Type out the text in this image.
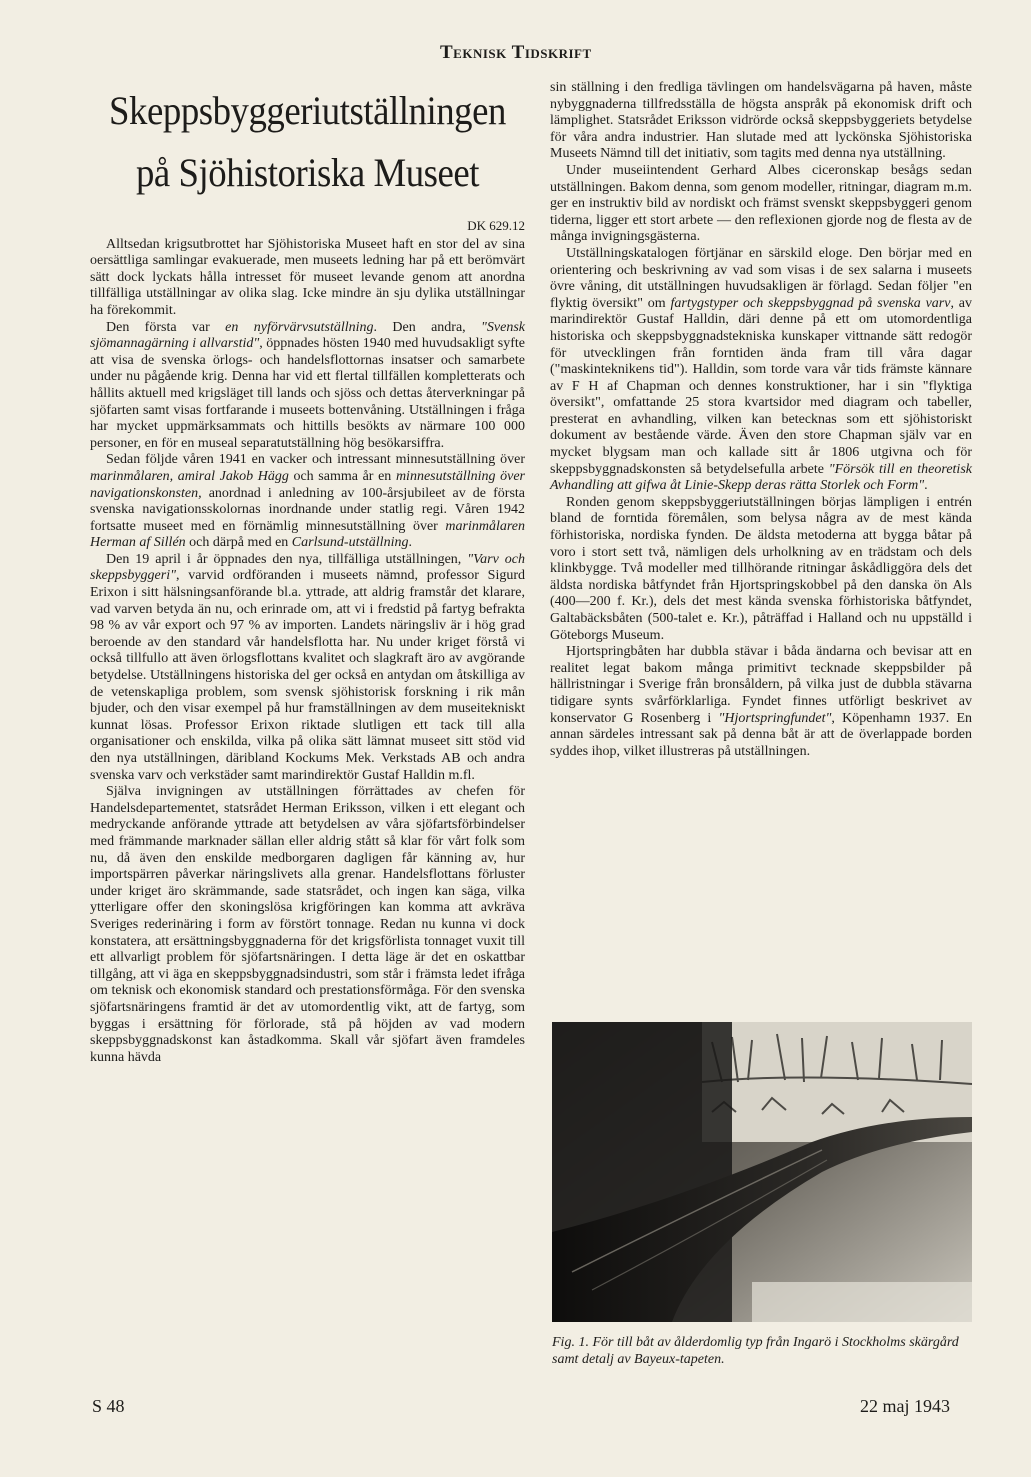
Teknisk Tidskrift
Skeppsbyggeriutställningen
på Sjöhistoriska Museet
DK 629.12

Alltsedan krigsutbrottet har Sjöhistoriska Museet haft en stor del av sina oersättliga samlingar evakuerade, men museets ledning har på ett berömvärt sätt dock lyckats hålla intresset för museet levande genom att anordna tillfälliga utställningar av olika slag. Icke mindre än sju dylika utställningar ha förekommit.

Den första var en nyförvärvsutställning. Den andra, "Svensk sjömannagärning i allvarstid", öppnades hösten 1940 med huvudsakligt syfte att visa de svenska örlogs- och handelsflottornas insatser och samarbete under nu pågående krig. Denna har vid ett flertal tillfällen kompletterats och hållits aktuell med krigsläget till lands och sjöss och dettas återverkningar på sjöfarten samt visas fortfarande i museets bottenvåning. Utställningen i fråga har mycket uppmärksammats och hittills besökts av närmare 100 000 personer, en för en museal separatutställning hög besökarsiffra.

Sedan följde våren 1941 en vacker och intressant minnesutställning över marinmålaren, amiral Jakob Hägg och samma år en minnesutställning över navigationskonsten, anordnad i anledning av 100-årsjubileet av de första svenska navigationsskolornas inordnande under statlig regi. Våren 1942 fortsatte museet med en förnämlig minnesutställning över marinmålaren Herman af Sillén och därpå med en Carlsund-utställning.

Den 19 april i år öppnades den nya, tillfälliga utställningen, "Varv och skeppsbyggeri", varvid ordföranden i museets nämnd, professor Sigurd Erixon i sitt hälsningsanförande bl.a. yttrade, att aldrig framstår det klarare, vad varven betyda än nu, och erinrade om, att vi i fredstid på fartyg befrakta 98 % av vår export och 97 % av importen. Landets näringsliv är i hög grad beroende av den standard vår handelsflotta har. Nu under kriget förstå vi också tillfullo att även örlogsflottans kvalitet och slagkraft äro av avgörande betydelse. Utställningens historiska del ger också en antydan om åtskilliga av de vetenskapliga problem, som svensk sjöhistorisk forskning i rik mån bjuder, och den visar exempel på hur framställningen av dem museitekniskt kunnat lösas. Professor Erixon riktade slutligen ett tack till alla organisationer och enskilda, vilka på olika sätt lämnat museet sitt stöd vid den nya utställningen, däribland Kockums Mek. Verkstads AB och andra svenska varv och verkstäder samt marindirektör Gustaf Halldin m.fl.

Själva invigningen av utställningen förrättades av chefen för Handelsdepartementet, statsrådet Herman Eriksson, vilken i ett elegant och medryckande anförande yttrade att betydelsen av våra sjöfartsförbindelser med främmande marknader sällan eller aldrig stått så klar för vårt folk som nu, då även den enskilde medborgaren dagligen får känning av, hur importspärren påverkar näringslivets alla grenar. Handelsflottans förluster under kriget äro skrämmande, sade statsrådet, och ingen kan säga, vilka ytterligare offer den skoningslösa krigföringen kan komma att avkräva Sveriges rederinäring i form av förstört tonnage. Redan nu kunna vi dock konstatera, att ersättningsbyggnaderna för det krigsförlista tonnaget vuxit till ett allvarligt problem för sjöfartsnäringen. I detta läge är det en oskattbar tillgång, att vi äga en skeppsbyggnadsindustri, som står i främsta ledet ifråga om teknisk och ekonomisk standard och prestationsförmåga. För den svenska sjöfartsnäringens framtid är det av utomordentlig vikt, att de fartyg, som byggas i ersättning för förlorade, stå på höjden av vad modern skeppsbyggnadskonst kan åstadkomma. Skall vår sjöfart även framdeles kunna hävda

sin ställning i den fredliga tävlingen om handelsvägarna på haven, måste nybyggnaderna tillfredsställa de högsta anspråk på ekonomisk drift och lämplighet. Statsrådet Eriksson vidrörde också skeppsbyggeriets betydelse för våra andra industrier. Han slutade med att lyckönska Sjöhistoriska Museets Nämnd till det initiativ, som tagits med denna nya utställning.

Under museiintendent Gerhard Albes ciceronskap besågs sedan utställningen. Bakom denna, som genom modeller, ritningar, diagram m.m. ger en instruktiv bild av nordiskt och främst svenskt skeppsbyggeri genom tiderna, ligger ett stort arbete — den reflexionen gjorde nog de flesta av de många invigningsgästerna.

Utställningskatalogen förtjänar en särskild eloge. Den börjar med en orientering och beskrivning av vad som visas i de sex salarna i museets övre våning, dit utställningen huvudsakligen är förlagd. Sedan följer "en flyktig översikt" om fartygstyper och skeppsbyggnad på svenska varv, av marindirektör Gustaf Halldin, däri denne på ett om utomordentliga historiska och skeppsbyggnadstekniska kunskaper vittnande sätt redogör för utvecklingen från forntiden ända fram till våra dagar ("maskinteknikens tid"). Halldin, som torde vara vår tids främste kännare av F H af Chapman och dennes konstruktioner, har i sin "flyktiga översikt", omfattande 25 stora kvartsidor med diagram och tabeller, presterat en avhandling, vilken kan betecknas som ett sjöhistoriskt dokument av bestående värde. Även den store Chapman själv var en mycket blygsam man och kallade sitt år 1806 utgivna och för skeppsbyggnadskonsten så betydelsefulla arbete "Försök till en theoretisk Avhandling att gifwa åt Linie-Skepp deras rätta Storlek och Form".

Ronden genom skeppsbyggeriutställningen börjas lämpligen i entrén bland de forntida föremålen, som belysa några av de mest kända förhistoriska, nordiska fynden. De äldsta metoderna att bygga båtar på voro i stort sett två, nämligen dels urholkning av en trädstam och dels klinkbygge. Två modeller med tillhörande ritningar åskådliggöra dels det äldsta nordiska båtfyndet från Hjortspringskobbel på den danska ön Als (400—200 f. Kr.), dels det mest kända svenska förhistoriska båtfyndet, Galtabäcksbåten (500-talet e. Kr.), påträffad i Halland och nu uppställd i Göteborgs Museum.

Hjortspringbåten har dubbla stävar i båda ändarna och bevisar att en realitet legat bakom många primitivt tecknade skeppsbilder på hällristningar i Sverige från bronsåldern, på vilka just de dubbla stävarna tidigare synts svårförklarliga. Fyndet finnes utförligt beskrivet av konservator G Rosenberg i "Hjortspringfundet", Köpenhamn 1937. En annan särdeles intressant sak på denna båt är att de överlappade borden syddes ihop, vilket illustreras på utställningen.

Fig. 1. För till båt av ålderdomlig typ från Ingarö i Stockholms skärgård samt detalj av Bayeux-tapeten.
S 48	22 maj 1943
